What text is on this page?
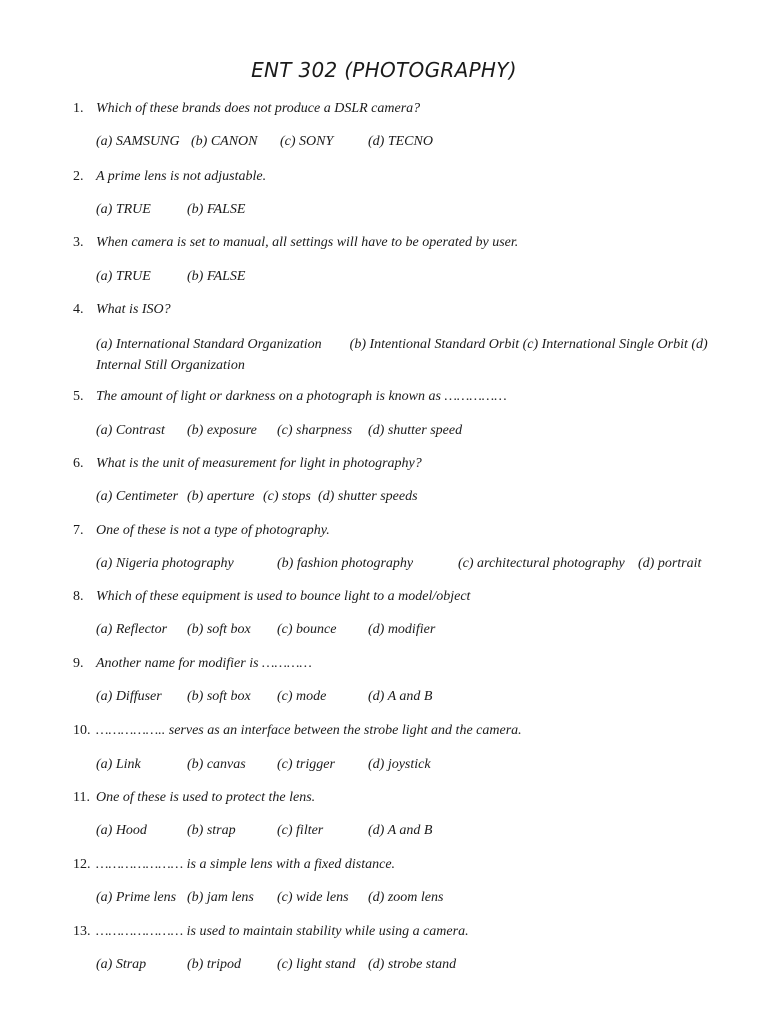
ENT 302 (PHOTOGRAPHY)
1. Which of these brands does not produce a DSLR camera?
(a) SAMSUNG (b) CANON (c) SONY (d) TECNO
2. A prime lens is not adjustable.
(a) TRUE	(b) FALSE
3. When camera is set to manual, all settings will have to be operated by user.
(a) TRUE	(b) FALSE
4. What is ISO?
(a) International Standard Organization        (b) Intentional Standard Orbit (c) International Single Orbit (d) Internal Still Organization
5. The amount of light or darkness on a photograph is known as ……………
(a) Contrast (b) exposure (c) sharpness (d) shutter speed
6. What is the unit of measurement for light in photography?
(a) Centimeter (b) aperture (c) stops (d) shutter speeds
7. One of these is not a type of photography.
(a) Nigeria photography	(b) fashion photography	(c) architectural photography (d) portrait
8. Which of these equipment is used to bounce light to a model/object
(a) Reflector (b) soft box (c) bounce (d) modifier
9. Another name for modifier is …………
(a) Diffuser (b) soft box (c) mode	(d) A and B
10. …………….. serves as an interface between the strobe light and the camera.
(a) Link	(b) canvas (c) trigger (d) joystick
11. One of these is used to protect the lens.
(a) Hood	(b) strap	(c) filter	(d) A and B
12. ………………… is a simple lens with a fixed distance.
(a) Prime lens (b) jam lens (c) wide lens (d) zoom lens
13. ………………… is used to maintain stability while using a camera.
(a) Strap	(b) tripod	(c) light stand (d) strobe stand
